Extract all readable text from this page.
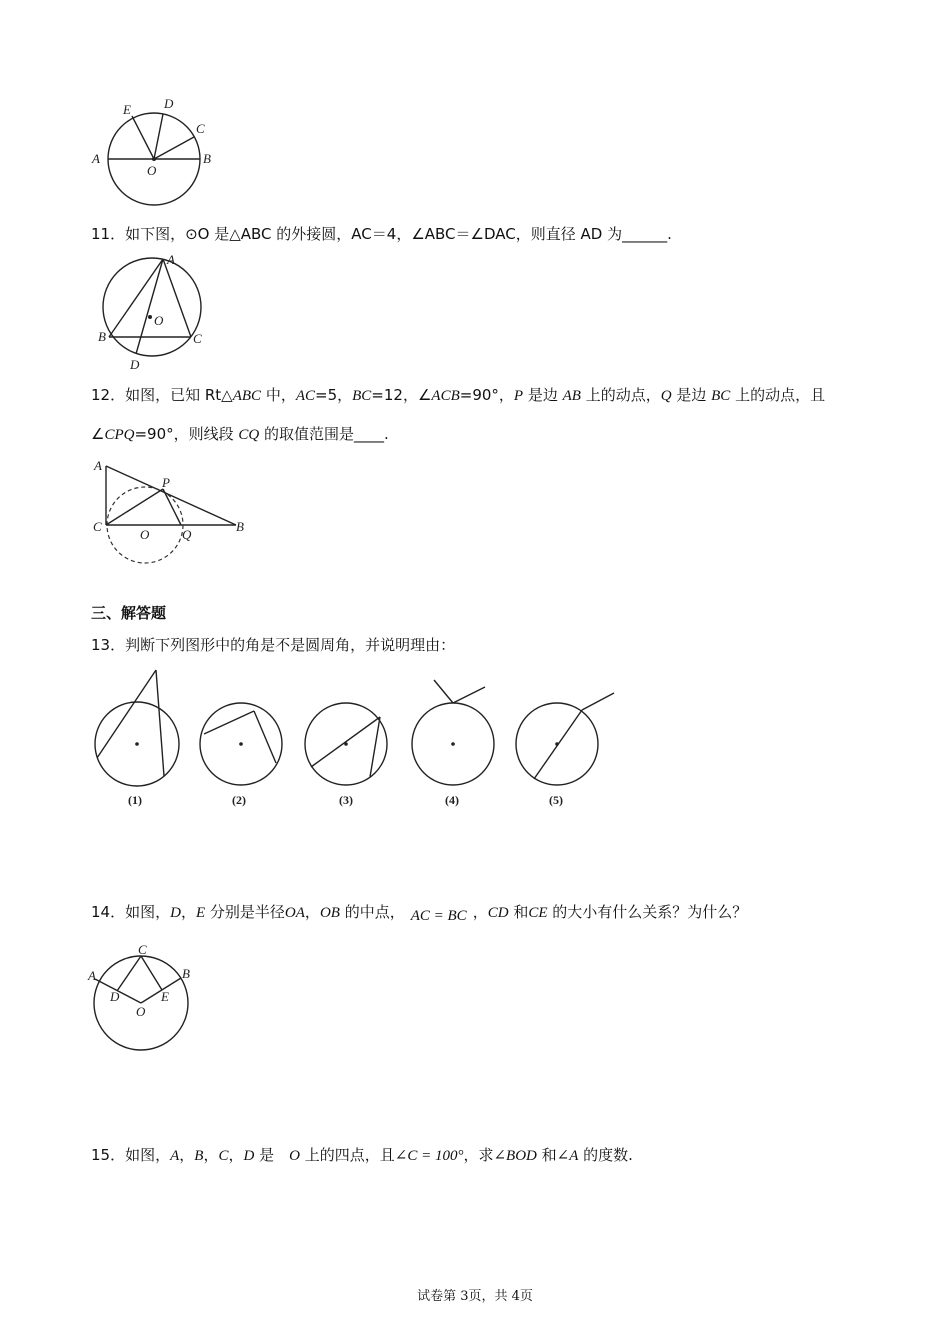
A	B
C
D
E
O
11．如下图，⊙O 是△ABC 的外接圆，AC＝4，∠ABC＝∠DAC，则直径 AD 为______.
A
B	C
D
O
12．如图，已知 Rt△ABC 中，AC=5，BC=12，∠ACB=90°，P 是边 AB 上的动点，Q 是边 BC 上的动点，且
∠CPQ=90°，则线段 CQ 的取值范围是____.
A
P
C
O	Q
B
三、解答题
13．判断下列图形中的角是不是圆周角，并说明理由：
(1)	(2)	(3)	(4)	(5)
14．如图，D，E 分别是半径OA，OB 的中点， AC = BC ，CD 和CE 的大小有什么关系？为什么？
C
A	B
D	E
O
15．如图，A，B，C，D 是　O 上的四点，且∠C = 100°，求∠BOD 和∠A 的度数.
试卷第 3页，共 4页
